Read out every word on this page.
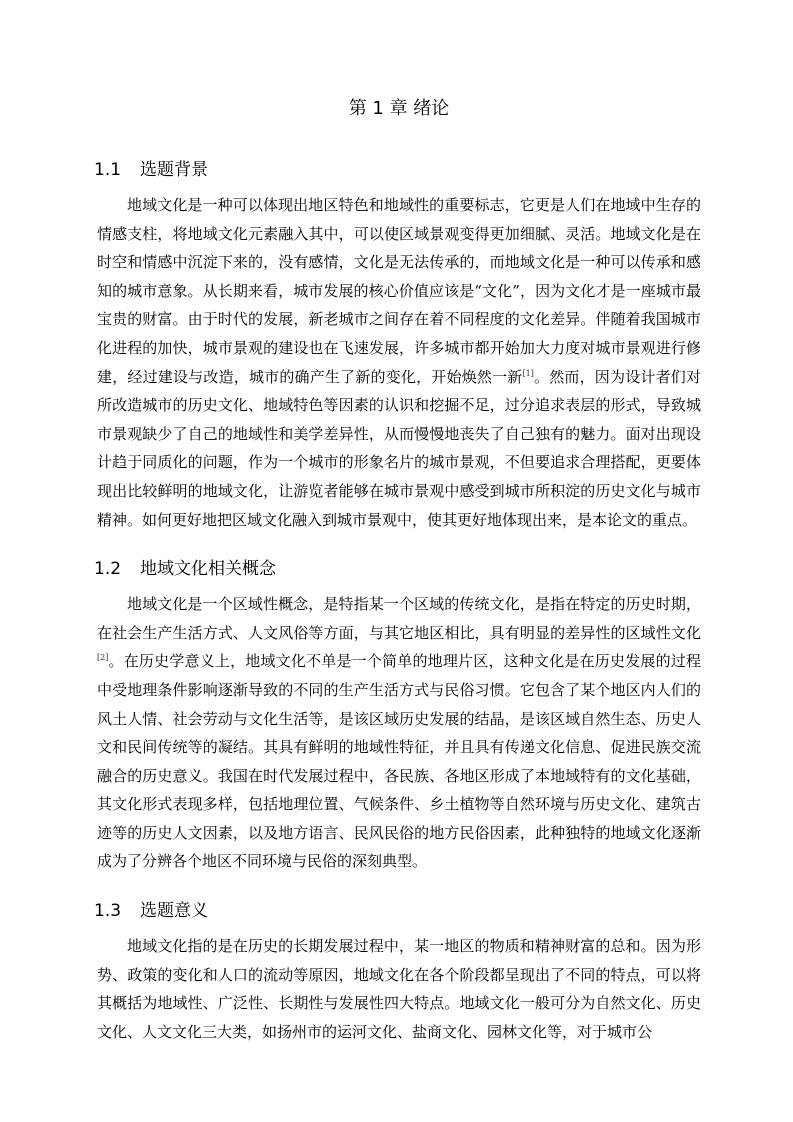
第 1 章 绪论
1.1 选题背景

地域文化是一种可以体现出地区特色和地域性的重要标志，它更是人们在地域中生存的情感支柱，将地域文化元素融入其中，可以使区域景观变得更加细腻、灵活。地域文化是在时空和情感中沉淀下来的，没有感情，文化是无法传承的，而地域文化是一种可以传承和感知的城市意象。从长期来看，城市发展的核心价值应该是“文化”，因为文化才是一座城市最宝贵的财富。由于时代的发展，新老城市之间存在着不同程度的文化差异。伴随着我国城市化进程的加快，城市景观的建设也在飞速发展，许多城市都开始加大力度对城市景观进行修建，经过建设与改造，城市的确产生了新的变化，开始焕然一新[1]。然而，因为设计者们对所改造城市的历史文化、地域特色等因素的认识和挖掘不足，过分追求表层的形式，导致城市景观缺少了自己的地域性和美学差异性，从而慢慢地丧失了自己独有的魅力。面对出现设计趋于同质化的问题，作为一个城市的形象名片的城市景观，不但要追求合理搭配，更要体现出比较鲜明的地域文化，让游览者能够在城市景观中感受到城市所积淀的历史文化与城市精神。如何更好地把区域文化融入到城市景观中，使其更好地体现出来，是本论文的重点。

1.2 地域文化相关概念

地域文化是一个区域性概念，是特指某一个区域的传统文化，是指在特定的历史时期，在社会生产生活方式、人文风俗等方面，与其它地区相比，具有明显的差异性的区域性文化[2]。在历史学意义上，地域文化不单是一个简单的地理片区，这种文化是在历史发展的过程中受地理条件影响逐渐导致的不同的生产生活方式与民俗习惯。它包含了某个地区内人们的风土人情、社会劳动与文化生活等，是该区域历史发展的结晶，是该区域自然生态、历史人文和民间传统等的凝结。其具有鲜明的地域性特征，并且具有传递文化信息、促进民族交流融合的历史意义。我国在时代发展过程中，各民族、各地区形成了本地域特有的文化基础，其文化形式表现多样，包括地理位置、气候条件、乡土植物等自然环境与历史文化、建筑古迹等的历史人文因素，以及地方语言、民风民俗的地方民俗因素，此种独特的地域文化逐渐成为了分辨各个地区不同环境与民俗的深刻典型。

1.3 选题意义

地域文化指的是在历史的长期发展过程中，某一地区的物质和精神财富的总和。因为形势、政策的变化和人口的流动等原因，地域文化在各个阶段都呈现出了不同的特点，可以将其概括为地域性、广泛性、长期性与发展性四大特点。地域文化一般可分为自然文化、历史文化、人文文化三大类，如扬州市的运河文化、盐商文化、园林文化等，对于城市公
